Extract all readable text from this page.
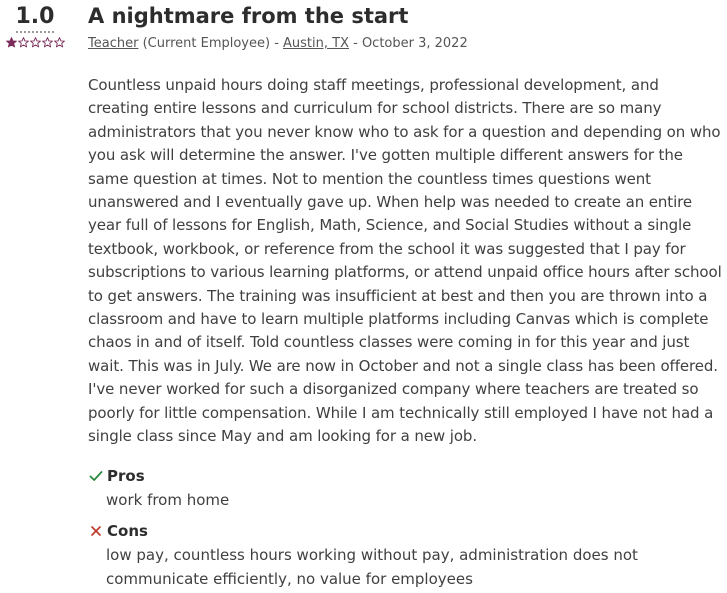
1.0	A nightmare from the start
Teacher (Current Employee) - Austin, TX - October 3, 2022
Countless unpaid hours doing staff meetings, professional development, and creating entire lessons and curriculum for school districts. There are so many administrators that you never know who to ask for a question and depending on who you ask will determine the answer. I've gotten multiple different answers for the same question at times. Not to mention the countless times questions went unanswered and I eventually gave up. When help was needed to create an entire year full of lessons for English, Math, Science, and Social Studies without a single textbook, workbook, or reference from the school it was suggested that I pay for subscriptions to various learning platforms, or attend unpaid office hours after school to get answers. The training was insufficient at best and then you are thrown into a classroom and have to learn multiple platforms including Canvas which is complete chaos in and of itself. Told countless classes were coming in for this year and just wait. This was in July. We are now in October and not a single class has been offered. I've never worked for such a disorganized company where teachers are treated so poorly for little compensation. While I am technically still employed I have not had a single class since May and am looking for a new job.
Pros
work from home
Cons
low pay, countless hours working without pay, administration does not communicate efficiently, no value for employees
